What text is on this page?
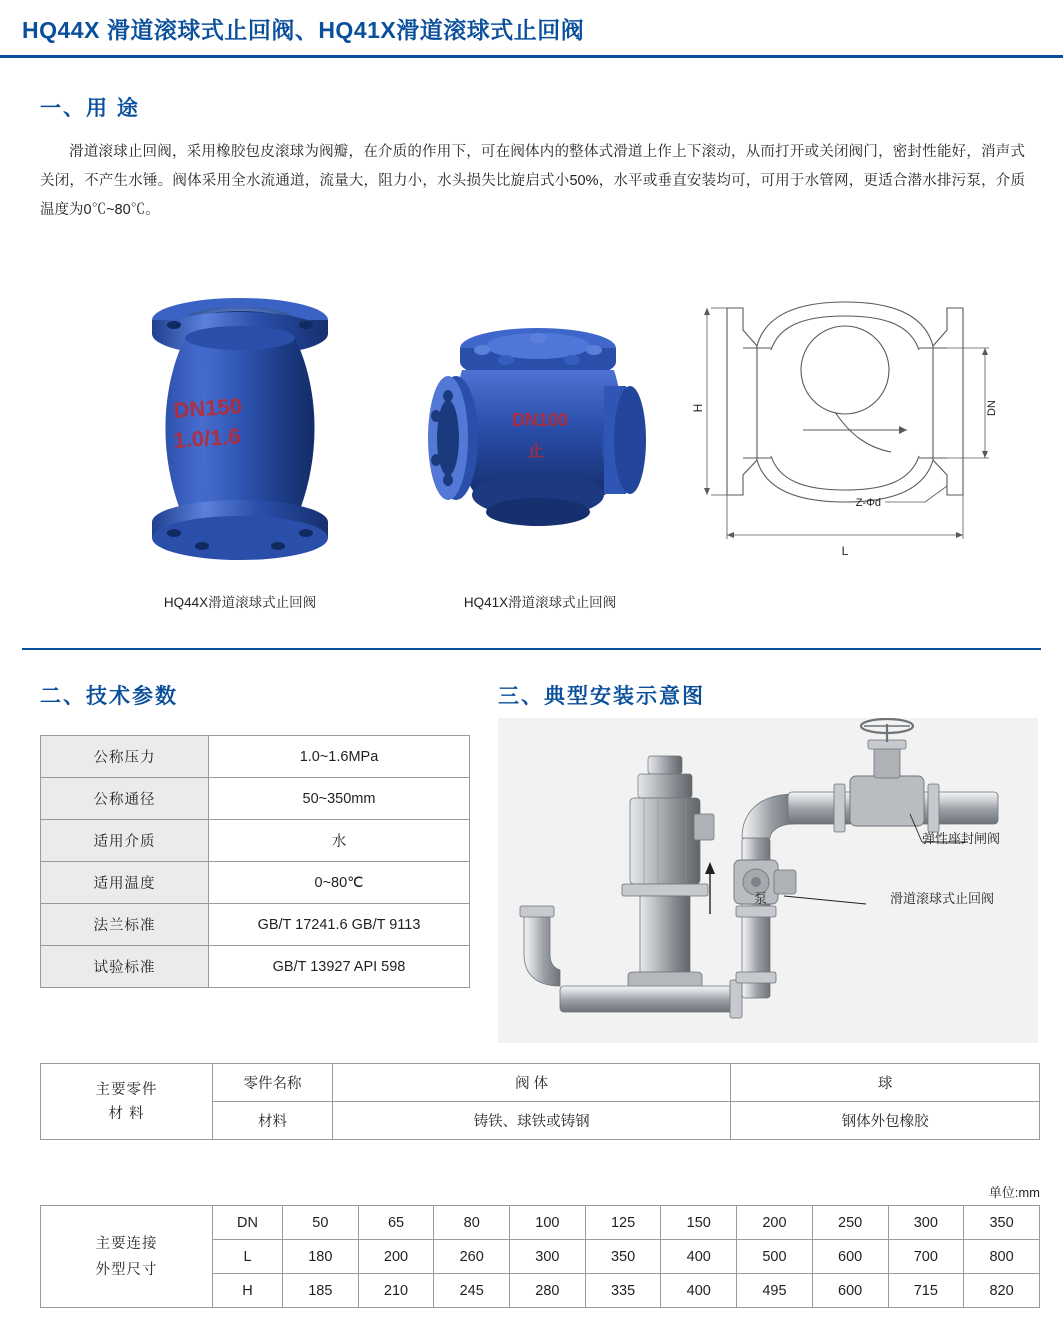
HQ44X 滑道滚球式止回阀、HQ41X滑道滚球式止回阀
一、用 途
滑道滚球止回阀，采用橡胶包皮滚球为阀瓣，在介质的作用下，可在阀体内的整体式滑道上作上下滚动，从而打开或关闭阀门，密封性能好，消声式关闭，不产生水锤。阀体采用全水流通道，流量大，阻力小，水头损失比旋启式小50%，水平或垂直安装均可，可用于水管网，更适合潜水排污泵，介质温度为0℃~80℃。
DN150
1.0/1.6
HQ44X滑道滚球式止回阀
DN100
止
HQ41X滑道滚球式止回阀
H	DN
L
Z-Φd
二、技术参数
公称压力	1.0~1.6MPa
公称通径	50~350mm
适用介质	水
适用温度	0~80℃
法兰标准	GB/T 17241.6 GB/T 9113
试验标准	GB/T 13927 API 598
三、典型安装示意图
弹性座封闸阀
滑道滚球式止回阀
泵
主要零件
材 料	零件名称	阀 体	球
	材料	铸铁、球铁或铸钢	钢体外包橡胶
单位:mm
主要连接
外型尺寸	DN	50	65	80	100	125	150	200	250	300	350
	L	180	200	260	300	350	400	500	600	700	800
	H	185	210	245	280	335	400	495	600	715	820
